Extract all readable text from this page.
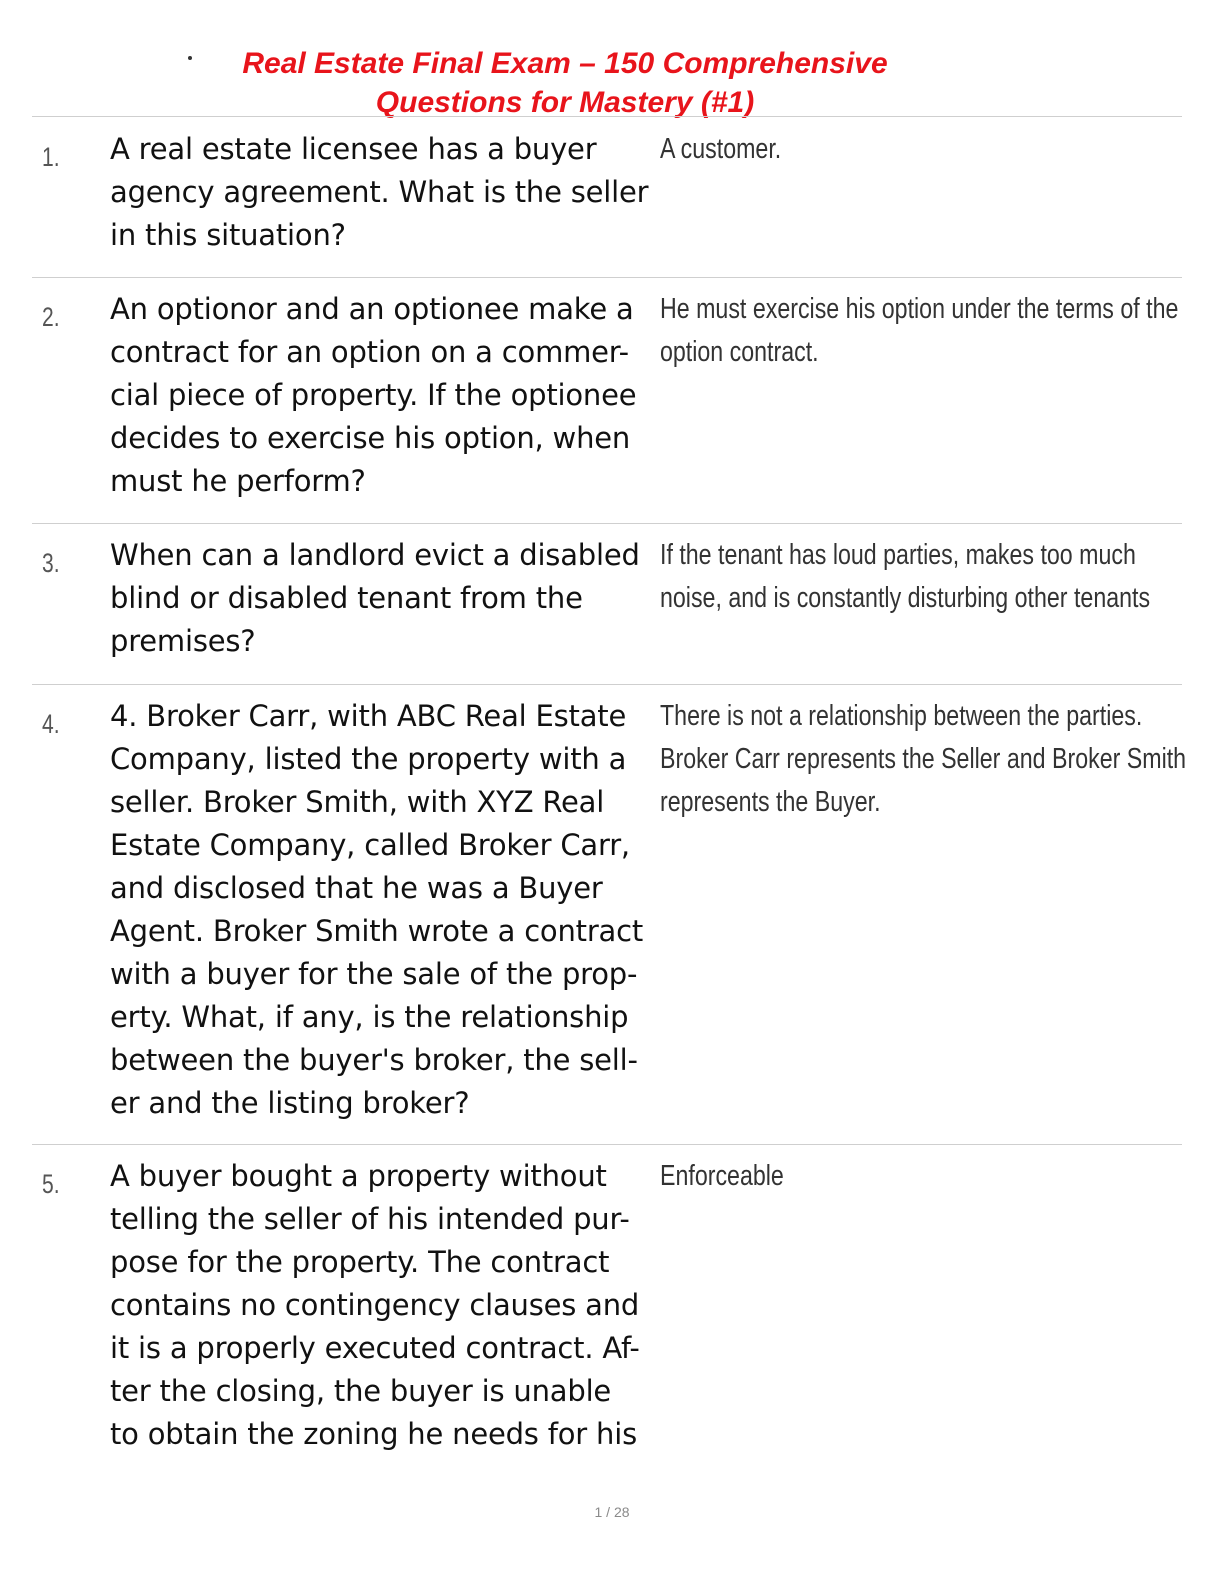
Real Estate Final Exam – 150 Comprehensive
Questions for Mastery (#1)
1. A real estate licensee has a buyer
agency agreement. What is the seller
in this situation?
A customer.
2. An optionor and an optionee make a
contract for an option on a commer-
cial piece of property. If the optionee
decides to exercise his option, when
must he perform?
He must exercise his option under the terms of the
option contract.
3. When can a landlord evict a disabled
blind or disabled tenant from the
premises?
If the tenant has loud parties, makes too much
noise, and is constantly disturbing other tenants
4. 4. Broker Carr, with ABC Real Estate
Company, listed the property with a
seller. Broker Smith, with XYZ Real
Estate Company, called Broker Carr,
and disclosed that he was a Buyer
Agent. Broker Smith wrote a contract
with a buyer for the sale of the prop-
erty. What, if any, is the relationship
between the buyer's broker, the sell-
er and the listing broker?
There is not a relationship between the parties.
Broker Carr represents the Seller and Broker Smith
represents the Buyer.
5. A buyer bought a property without
telling the seller of his intended pur-
pose for the property. The contract
contains no contingency clauses and
it is a properly executed contract. Af-
ter the closing, the buyer is unable
to obtain the zoning he needs for his
Enforceable
1 / 28
